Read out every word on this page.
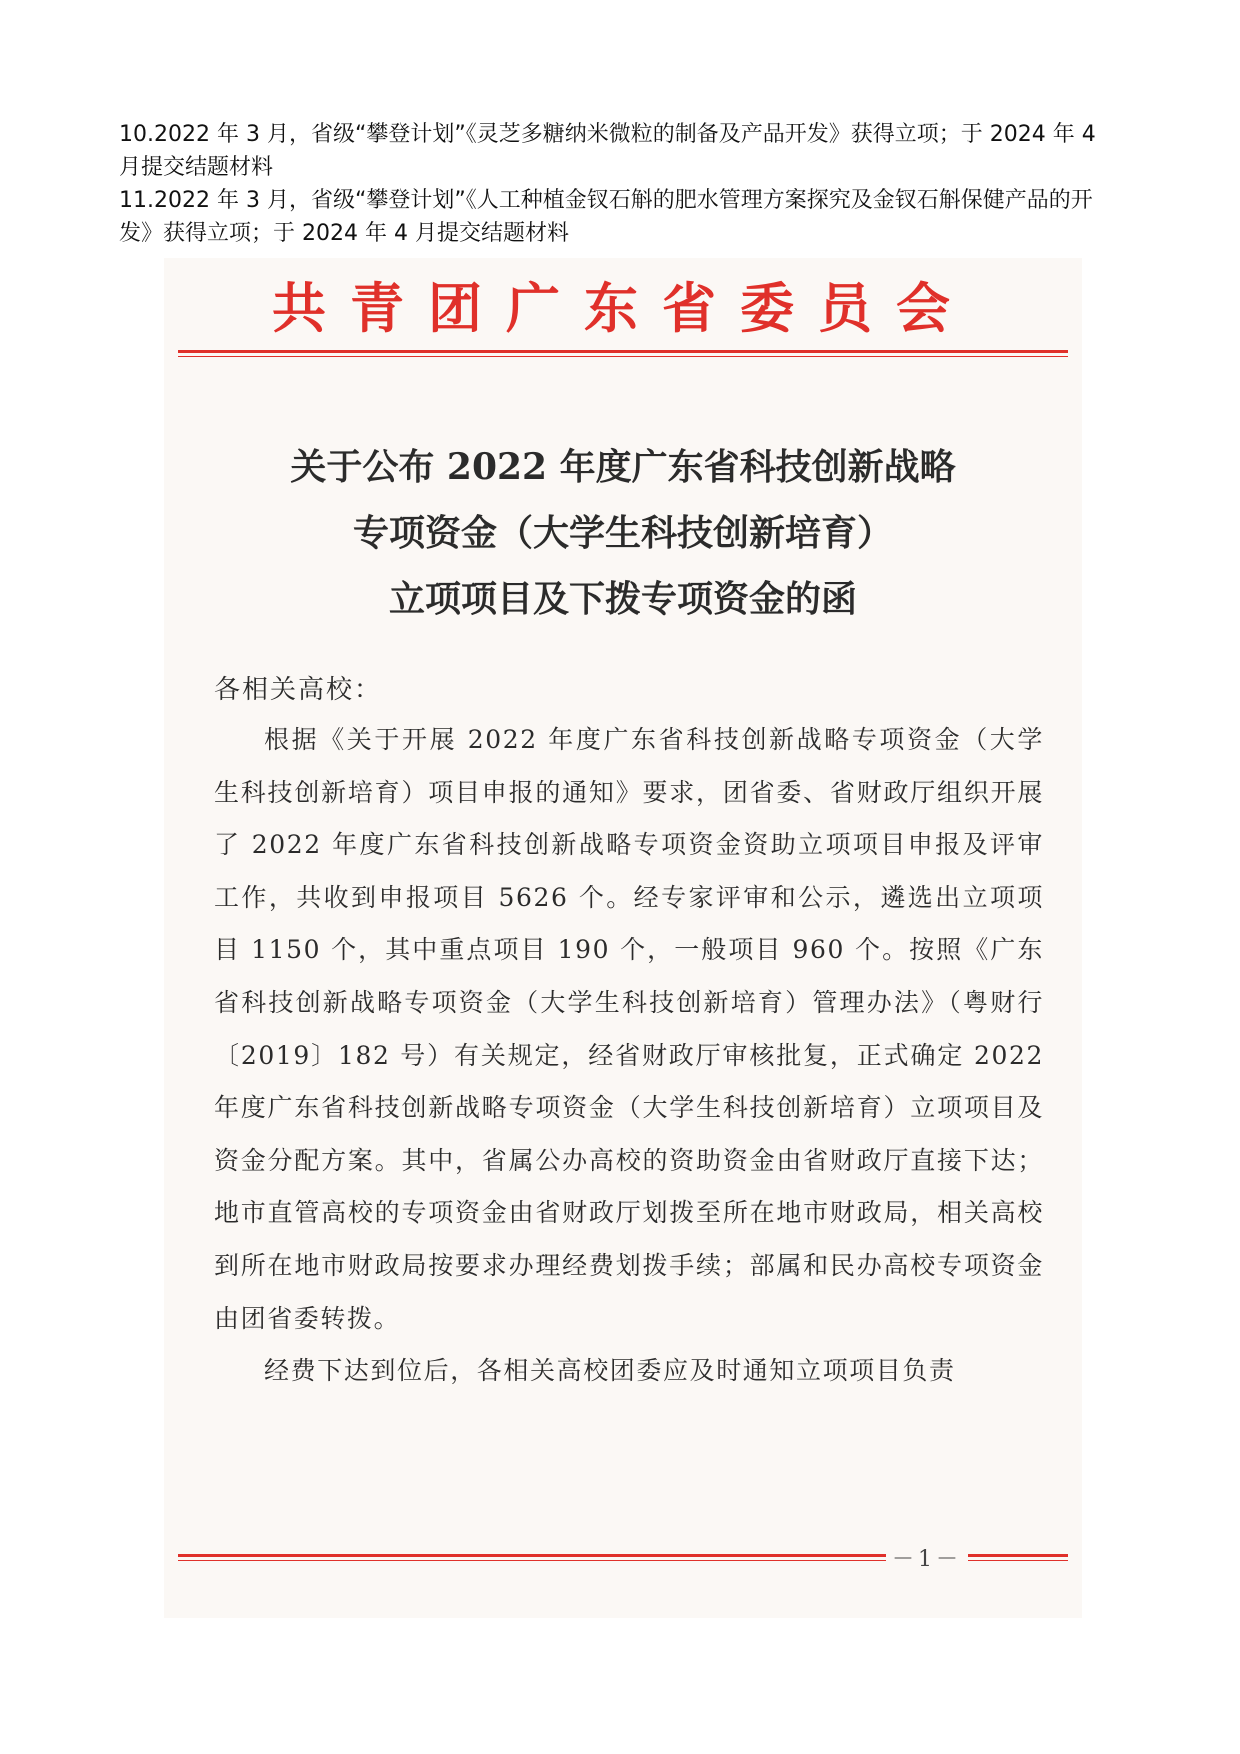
10.2022 年 3 月，省级“攀登计划”《灵芝多糖纳米微粒的制备及产品开发》获得立项；于 2024 年 4 月提交结题材料

11.2022 年 3 月，省级“攀登计划”《人工种植金钗石斛的肥水管理方案探究及金钗石斛保健产品的开发》获得立项；于 2024 年 4 月提交结题材料

共青团广东省委员会
关于公布 2022 年度广东省科技创新战略
专项资金（大学生科技创新培育）
立项项目及下拨专项资金的函
各相关高校：

根据《关于开展 2022 年度广东省科技创新战略专项资金（大学生科技创新培育）项目申报的通知》要求，团省委、省财政厅组织开展了 2022 年度广东省科技创新战略专项资金资助立项项目申报及评审工作，共收到申报项目 5626 个。经专家评审和公示，遴选出立项项目 1150 个，其中重点项目 190 个，一般项目 960 个。按照《广东省科技创新战略专项资金（大学生科技创新培育）管理办法》（粤财行〔2019〕182 号）有关规定，经省财政厅审核批复，正式确定 2022 年度广东省科技创新战略专项资金（大学生科技创新培育）立项项目及资金分配方案。其中，省属公办高校的资助资金由省财政厅直接下达；地市直管高校的专项资金由省财政厅划拨至所在地市财政局，相关高校到所在地市财政局按要求办理经费划拨手续；部属和民办高校专项资金由团省委转拨。

经费下达到位后，各相关高校团委应及时通知立项项目负责

－1－
